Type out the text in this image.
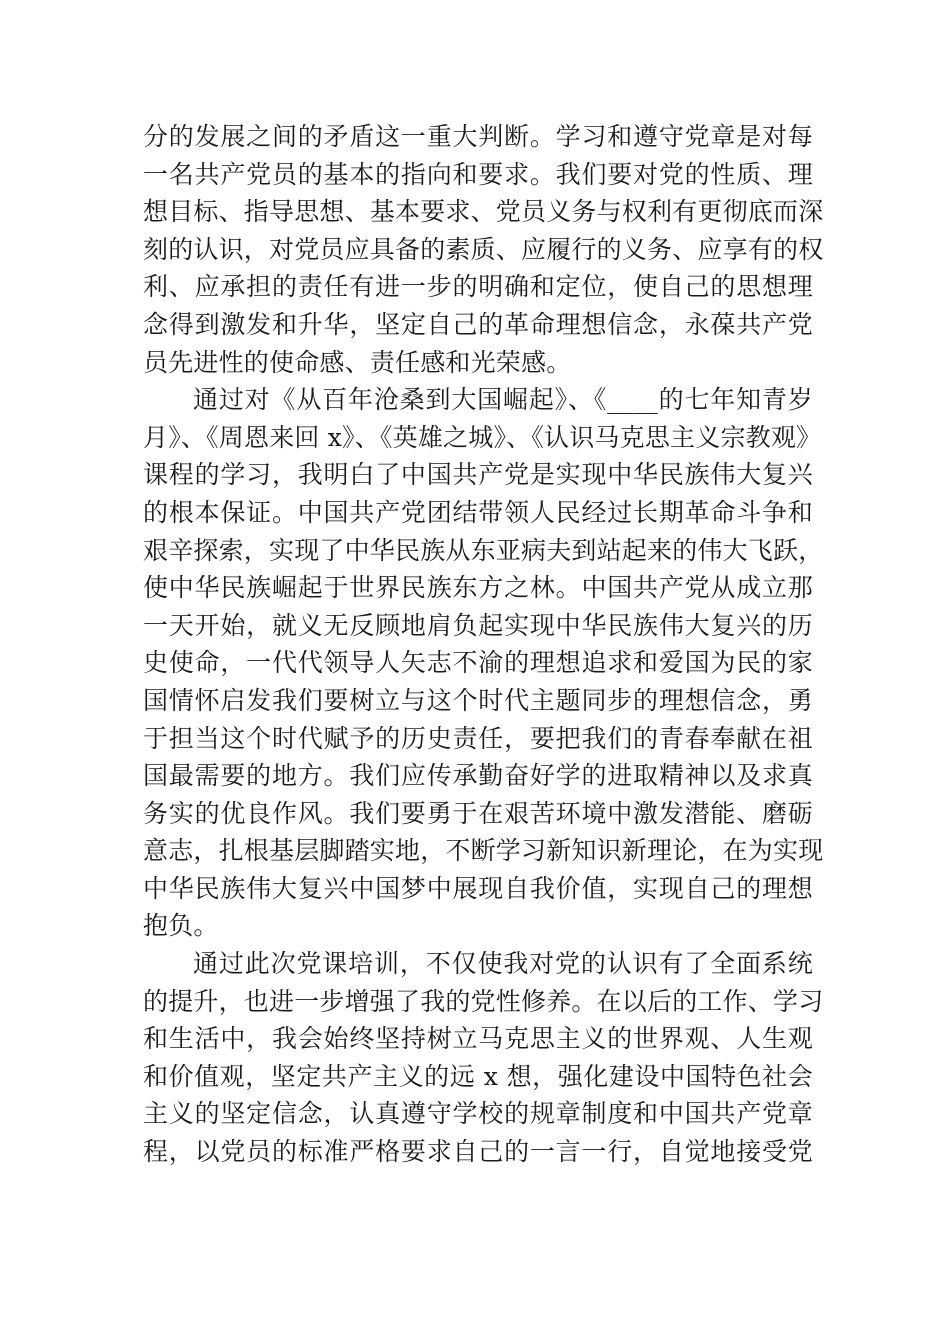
分的发展之间的矛盾这一重大判断。学习和遵守党章是对每
一名共产党员的基本的指向和要求。我们要对党的性质、理
想目标、指导思想、基本要求、党员义务与权利有更彻底而深
刻的认识，对党员应具备的素质、应履行的义务、应享有的权
利、应承担的责任有进一步的明确和定位，使自己的思想理
念得到激发和升华，坚定自己的革命理想信念，永葆共产党
员先进性的使命感、责任感和光荣感。
通过对《从百年沧桑到大国崛起》、《____的七年知青岁
月》、《周恩来回 x》、《英雄之城》、《认识马克思主义宗教观》
课程的学习，我明白了中国共产党是实现中华民族伟大复兴
的根本保证。中国共产党团结带领人民经过长期革命斗争和
艰辛探索，实现了中华民族从东亚病夫到站起来的伟大飞跃，
使中华民族崛起于世界民族东方之林。中国共产党从成立那
一天开始，就义无反顾地肩负起实现中华民族伟大复兴的历
史使命，一代代领导人矢志不渝的理想追求和爱国为民的家
国情怀启发我们要树立与这个时代主题同步的理想信念，勇
于担当这个时代赋予的历史责任，要把我们的青春奉献在祖
国最需要的地方。我们应传承勤奋好学的进取精神以及求真
务实的优良作风。我们要勇于在艰苦环境中激发潜能、磨砺
意志，扎根基层脚踏实地，不断学习新知识新理论，在为实现
中华民族伟大复兴中国梦中展现自我价值，实现自己的理想
抱负。
通过此次党课培训，不仅使我对党的认识有了全面系统
的提升，也进一步增强了我的党性修养。在以后的工作、学习
和生活中，我会始终坚持树立马克思主义的世界观、人生观
和价值观，坚定共产主义的远 x 想，强化建设中国特色社会
主义的坚定信念，认真遵守学校的规章制度和中国共产党章
程，以党员的标准严格要求自己的一言一行，自觉地接受党
